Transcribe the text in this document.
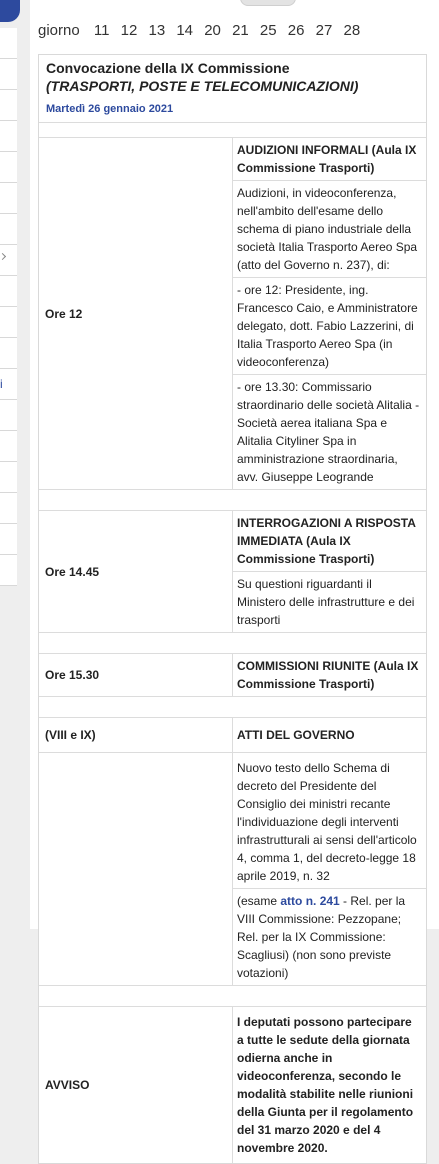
i
giorno 11 12 13 14 20 21 25 26 27 28
Convocazione della IX Commissione
(TRASPORTI, POSTE E TELECOMUNICAZIONI)
Martedì 26 gennaio 2021

Ore 12	AUDIZIONI INFORMALI (Aula IX Commissione Trasporti)
	Audizioni, in videoconferenza, nell'ambito dell'esame dello schema di piano industriale della società Italia Trasporto Aereo Spa (atto del Governo n. 237), di:
	- ore 12: Presidente, ing. Francesco Caio, e Amministratore delegato, dott. Fabio Lazzerini, di Italia Trasporto Aereo Spa (in videoconferenza)
	- ore 13.30: Commissario straordinario delle società Alitalia - Società aerea italiana Spa e Alitalia Cityliner Spa in amministrazione straordinaria, avv. Giuseppe Leogrande

Ore 14.45	INTERROGAZIONI A RISPOSTA IMMEDIATA (Aula IX Commissione Trasporti)
	Su questioni riguardanti il Ministero delle infrastrutture e dei trasporti

Ore 15.30	COMMISSIONI RIUNITE (Aula IX Commissione Trasporti)

(VIII e IX)	ATTI DEL GOVERNO
	Nuovo testo dello Schema di decreto del Presidente del Consiglio dei ministri recante l'individuazione degli interventi infrastrutturali ai sensi dell'articolo 4, comma 1, del decreto-legge 18 aprile 2019, n. 32
	(esame atto n. 241 - Rel. per la VIII Commissione: Pezzopane; Rel. per la IX Commissione: Scagliusi) (non sono previste votazioni)

AVVISO	I deputati possono partecipare a tutte le sedute della giornata odierna anche in videoconferenza, secondo le modalità stabilite nelle riunioni della Giunta per il regolamento del 31 marzo 2020 e del 4 novembre 2020.
